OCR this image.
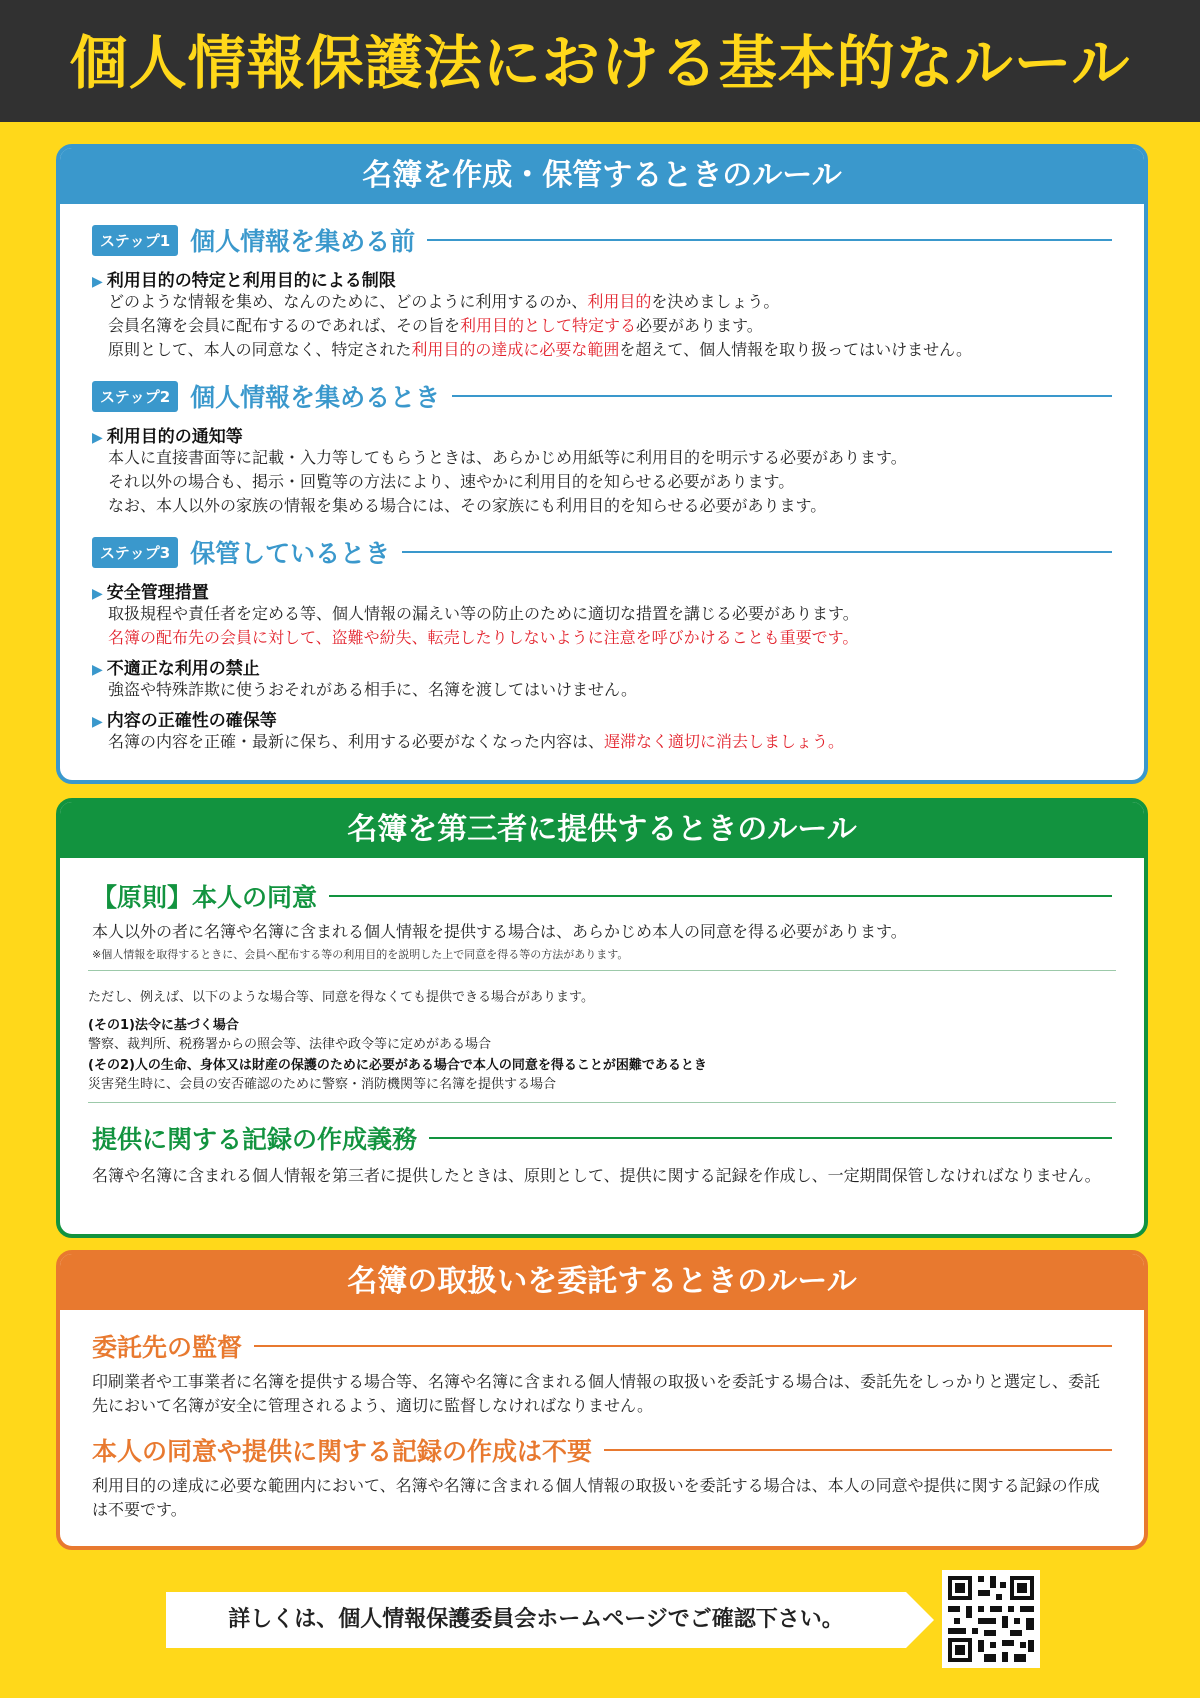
個人情報保護法における基本的なルール
名簿を作成・保管するときのルール
ステップ1 個人情報を集める前
▶ 利用目的の特定と利用目的による制限
どのような情報を集め、なんのために、どのように利用するのか、利用目的を決めましょう。
会員名簿を会員に配布するのであれば、その旨を利用目的として特定する必要があります。
原則として、本人の同意なく、特定された利用目的の達成に必要な範囲を超えて、個人情報を取り扱ってはいけません。
ステップ2 個人情報を集めるとき
▶ 利用目的の通知等
本人に直接書面等に記載・入力等してもらうときは、あらかじめ用紙等に利用目的を明示する必要があります。
それ以外の場合も、掲示・回覧等の方法により、速やかに利用目的を知らせる必要があります。
なお、本人以外の家族の情報を集める場合には、その家族にも利用目的を知らせる必要があります。
ステップ3 保管しているとき
▶ 安全管理措置
取扱規程や責任者を定める等、個人情報の漏えい等の防止のために適切な措置を講じる必要があります。
名簿の配布先の会員に対して、盗難や紛失、転売したりしないように注意を呼びかけることも重要です。
▶ 不適正な利用の禁止
強盗や特殊詐欺に使うおそれがある相手に、名簿を渡してはいけません。
▶ 内容の正確性の確保等
名簿の内容を正確・最新に保ち、利用する必要がなくなった内容は、遅滞なく適切に消去しましょう。
名簿を第三者に提供するときのルール
【原則】本人の同意
本人以外の者に名簿や名簿に含まれる個人情報を提供する場合は、あらかじめ本人の同意を得る必要があります。
※個人情報を取得するときに、会員へ配布する等の利用目的を説明した上で同意を得る等の方法があります。
ただし、例えば、以下のような場合等、同意を得なくても提供できる場合があります。
(その1)法令に基づく場合
警察、裁判所、税務署からの照会等、法律や政令等に定めがある場合
(その2)人の生命、身体又は財産の保護のために必要がある場合で本人の同意を得ることが困難であるとき
災害発生時に、会員の安否確認のために警察・消防機関等に名簿を提供する場合
提供に関する記録の作成義務
名簿や名簿に含まれる個人情報を第三者に提供したときは、原則として、提供に関する記録を作成し、一定期間保管しなければなりません。
名簿の取扱いを委託するときのルール
委託先の監督
印刷業者や工事業者に名簿を提供する場合等、名簿や名簿に含まれる個人情報の取扱いを委託する場合は、委託先をしっかりと選定し、委託先において名簿が安全に管理されるよう、適切に監督しなければなりません。
本人の同意や提供に関する記録の作成は不要
利用目的の達成に必要な範囲内において、名簿や名簿に含まれる個人情報の取扱いを委託する場合は、本人の同意や提供に関する記録の作成は不要です。
詳しくは、個人情報保護委員会ホームページでご確認下さい。
